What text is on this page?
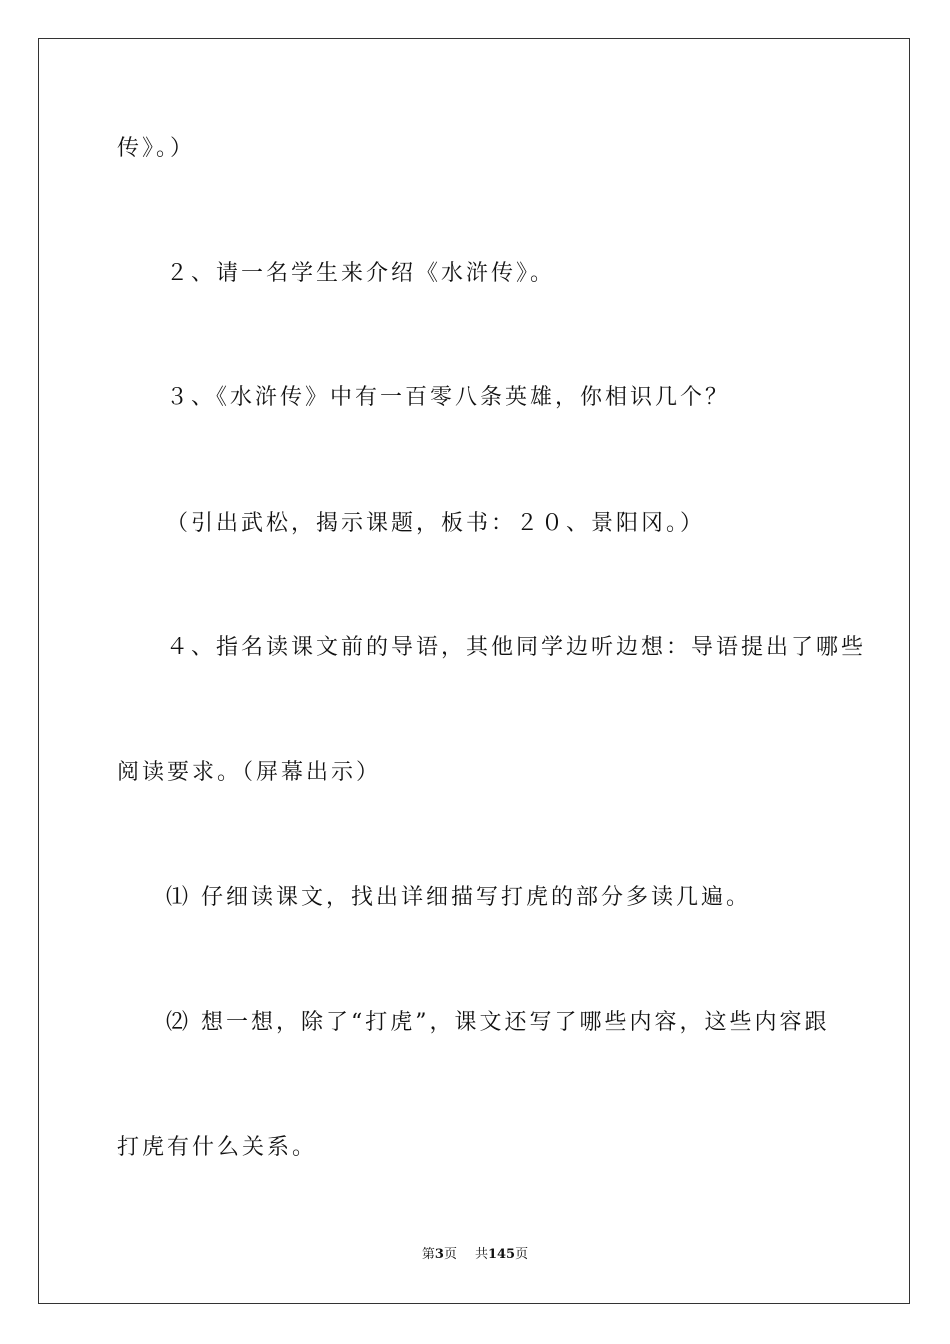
传》。）
２、请一名学生来介绍《水浒传》。
３、《水浒传》中有一百零八条英雄，你相识几个？
（引出武松，揭示课题，板书：２０、景阳冈。）
４、指名读课文前的导语，其他同学边听边想：导语提出了哪些
阅读要求。（屏幕出示）
⑴ 仔细读课文，找出详细描写打虎的部分多读几遍。
⑵ 想一想，除了“打虎”，课文还写了哪些内容，这些内容跟
打虎有什么关系。
第3页 共145页
